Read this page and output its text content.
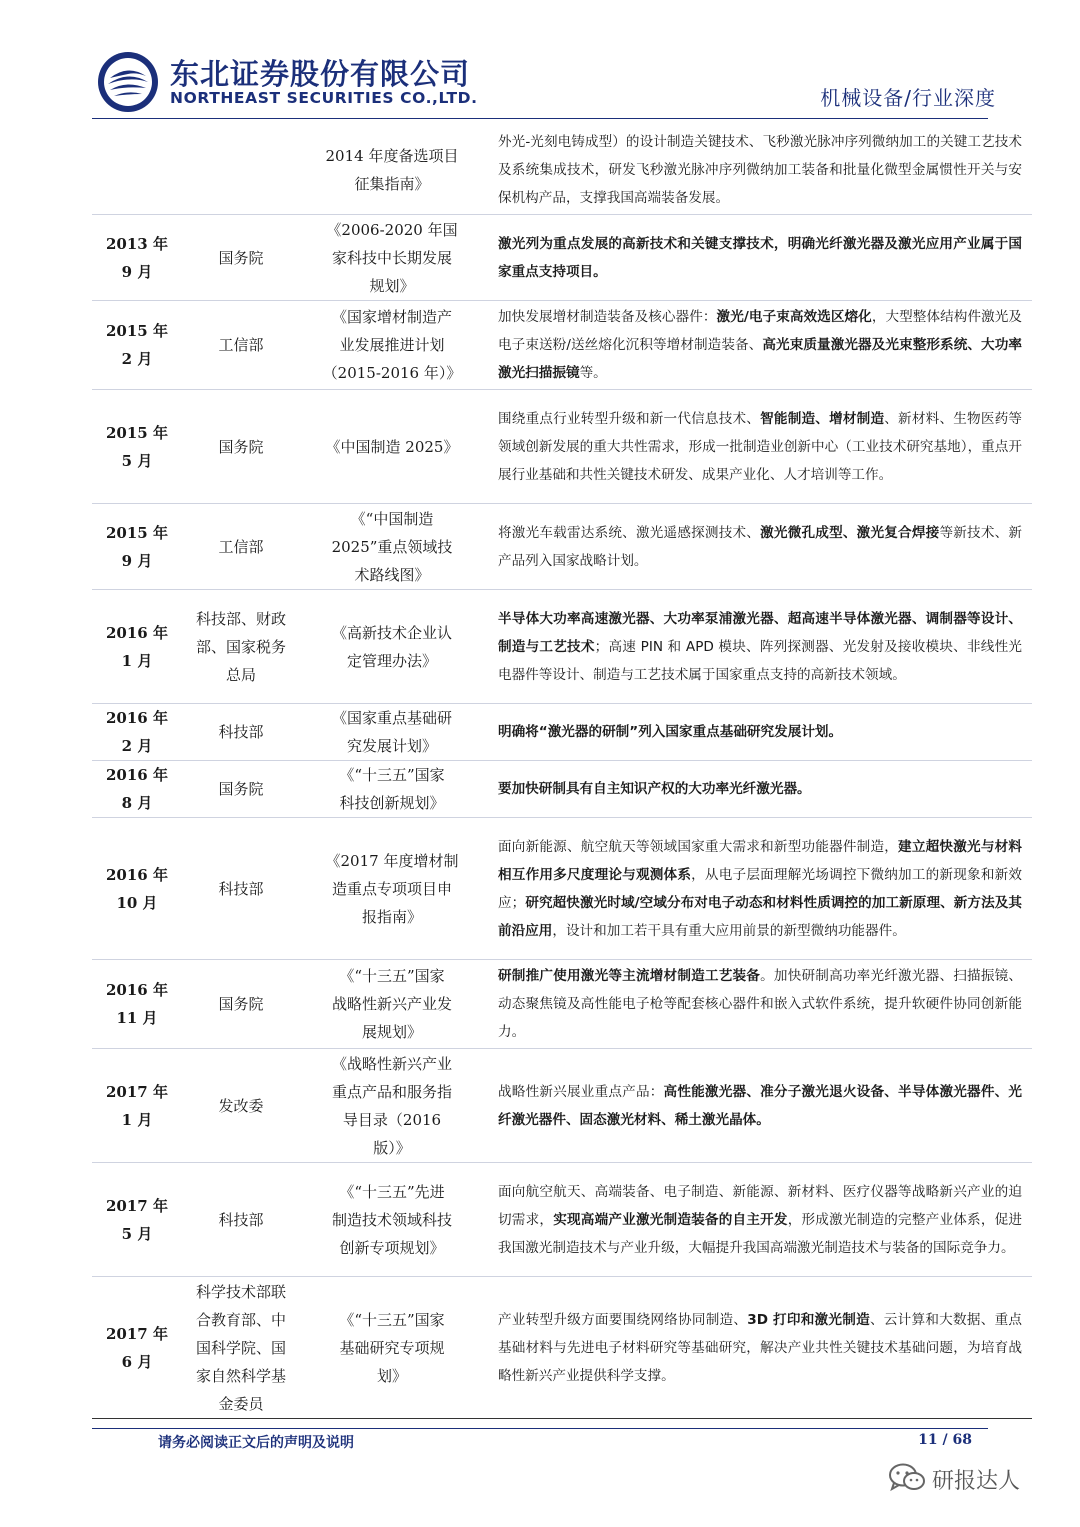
东北证券股份有限公司
NORTHEAST SECURITIES CO.,LTD.	机械设备/行业深度

		2014 年度备选项目
征集指南》	外光-光刻电铸成型）的设计制造关键技术、飞秒激光脉冲序列微纳加工的关键工艺技术及系统集成技术，研发飞秒激光脉冲序列微纳加工装备和批量化微型金属惯性开关与安保机构产品，支撑我国高端装备发展。

2013 年
9 月	国务院	《2006-2020 年国
家科技中长期发展
规划》	激光列为重点发展的高新技术和关键支撑技术，明确光纤激光器及激光应用产业属于国家重点支持项目。

2015 年
2 月	工信部	《国家增材制造产
业发展推进计划
（2015-2016 年）》	加快发展增材制造装备及核心器件：激光/电子束高效选区熔化，大型整体结构件激光及电子束送粉/送丝熔化沉积等增材制造装备、高光束质量激光器及光束整形系统、大功率激光扫描振镜等。

2015 年
5 月	国务院	《中国制造 2025》	围绕重点行业转型升级和新一代信息技术、智能制造、增材制造、新材料、生物医药等领域创新发展的重大共性需求，形成一批制造业创新中心（工业技术研究基地），重点开展行业基础和共性关键技术研发、成果产业化、人才培训等工作。

2015 年
9 月	工信部	《“中国制造
2025”重点领域技
术路线图》	将激光车载雷达系统、激光遥感探测技术、激光微孔成型、激光复合焊接等新技术、新产品列入国家战略计划。

2016 年
1 月	科技部、财政
部、国家税务
总局	《高新技术企业认
定管理办法》	半导体大功率高速激光器、大功率泵浦激光器、超高速半导体激光器、调制器等设计、制造与工艺技术；高速 PIN 和 APD 模块、阵列探测器、光发射及接收模块、非线性光电器件等设计、制造与工艺技术属于国家重点支持的高新技术领域。

2016 年
2 月	科技部	《国家重点基础研
究发展计划》	明确将“激光器的研制”列入国家重点基础研究发展计划。

2016 年
8 月	国务院	《“十三五”国家
科技创新规划》	要加快研制具有自主知识产权的大功率光纤激光器。

2016 年
10 月	科技部	《2017 年度增材制
造重点专项项目申
报指南》	面向新能源、航空航天等领域国家重大需求和新型功能器件制造，建立超快激光与材料相互作用多尺度理论与观测体系，从电子层面理解光场调控下微纳加工的新现象和新效应；研究超快激光时域/空域分布对电子动态和材料性质调控的加工新原理、新方法及其前沿应用，设计和加工若干具有重大应用前景的新型微纳功能器件。

2016 年
11 月	国务院	《“十三五”国家
战略性新兴产业发
展规划》	研制推广使用激光等主流增材制造工艺装备。加快研制高功率光纤激光器、扫描振镜、动态聚焦镜及高性能电子枪等配套核心器件和嵌入式软件系统，提升软硬件协同创新能力。

2017 年
1 月	发改委	《战略性新兴产业
重点产品和服务指
导目录（2016
版）》	战略性新兴展业重点产品：高性能激光器、准分子激光退火设备、半导体激光器件、光纤激光器件、固态激光材料、稀土激光晶体。

2017 年
5 月	科技部	《“十三五”先进
制造技术领域科技
创新专项规划》	面向航空航天、高端装备、电子制造、新能源、新材料、医疗仪器等战略新兴产业的迫切需求，实现高端产业激光制造装备的自主开发，形成激光制造的完整产业体系，促进我国激光制造技术与产业升级，大幅提升我国高端激光制造技术与装备的国际竞争力。

2017 年
6 月	科学技术部联
合教育部、中
国科学院、国
家自然科学基
金委员	《“十三五”国家
基础研究专项规
划》	产业转型升级方面要围绕网络协同制造、3D 打印和激光制造、云计算和大数据、重点基础材料与先进电子材料研究等基础研究，解决产业共性关键技术基础问题，为培育战略性新兴产业提供科学支撑。
请务必阅读正文后的声明及说明	11 / 68
研报达人
